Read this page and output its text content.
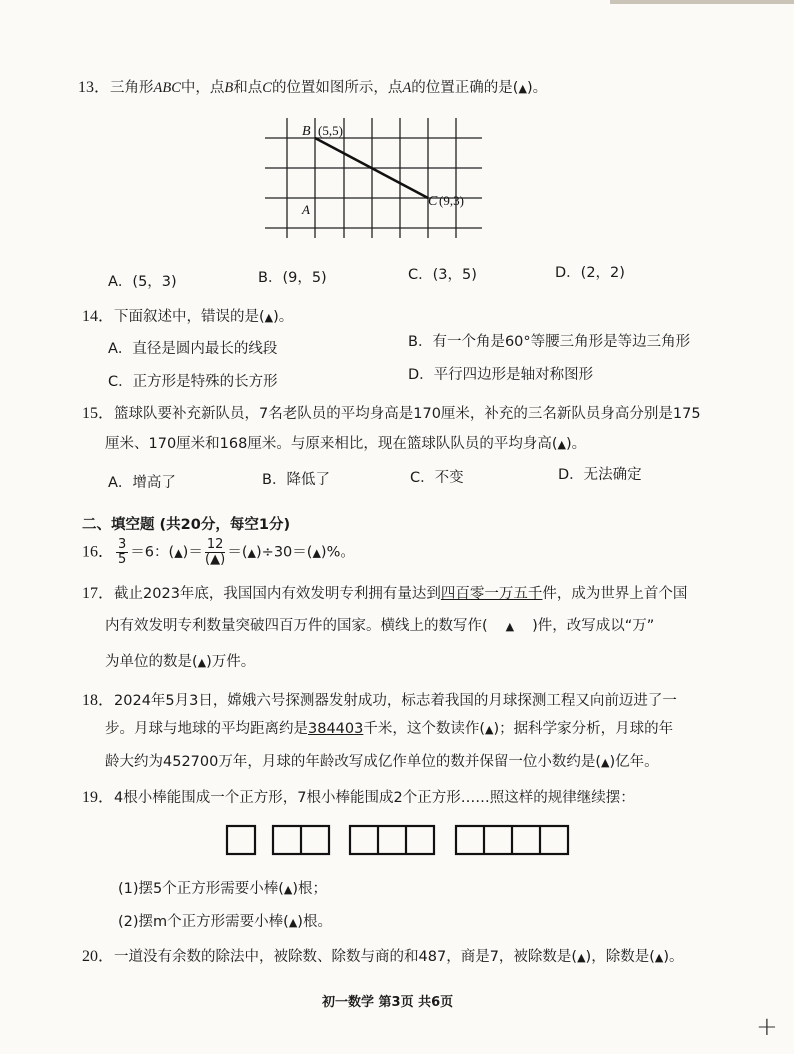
13．三角形ABC中，点B和点C的位置如图所示，点A的位置正确的是(▲)。
B (5,5)
C (9,3)
A
A．(5，3)	B．(9，5)	C．(3，5)	D．(2，2)
14．下面叙述中，错误的是(▲)。
A．直径是圆内最长的线段	B．有一个角是60°等腰三角形是等边三角形
C．正方形是特殊的长方形	D．平行四边形是轴对称图形
15．篮球队要补充新队员，7名老队员的平均身高是170厘米，补充的三名新队员身高分别是175
厘米、170厘米和168厘米。与原来相比，现在篮球队队员的平均身高(▲)。
A．增高了	B．降低了	C．不变	D．无法确定
二、填空题 (共20分，每空1分)
16． $\frac{3}{5} =6$：(▲)＝ $\frac{12}{(▲)}$ ＝(▲)÷30＝(▲)%。
17．截止2023年底，我国国内有效发明专利拥有量达到四百零一万五千件，成为世界上首个国
内有效发明专利数量突破四百万件的国家。横线上的数写作( ▲ )件，改写成以“万”
为单位的数是(▲)万件。
18．2024年5月3日，嫦娥六号探测器发射成功，标志着我国的月球探测工程又向前迈进了一
步。月球与地球的平均距离约是384403千米，这个数读作(▲)；据科学家分析，月球的年
龄大约为452700万年，月球的年龄改写成亿作单位的数并保留一位小数约是(▲)亿年。
19．4根小棒能围成一个正方形，7根小棒能围成2个正方形……照这样的规律继续摆：
(1)摆5个正方形需要小棒(▲)根；
(2)摆m个正方形需要小棒(▲)根。
20．一道没有余数的除法中，被除数、除数与商的和487，商是7，被除数是(▲)，除数是(▲)。
初一数学 第3页 共6页
+
